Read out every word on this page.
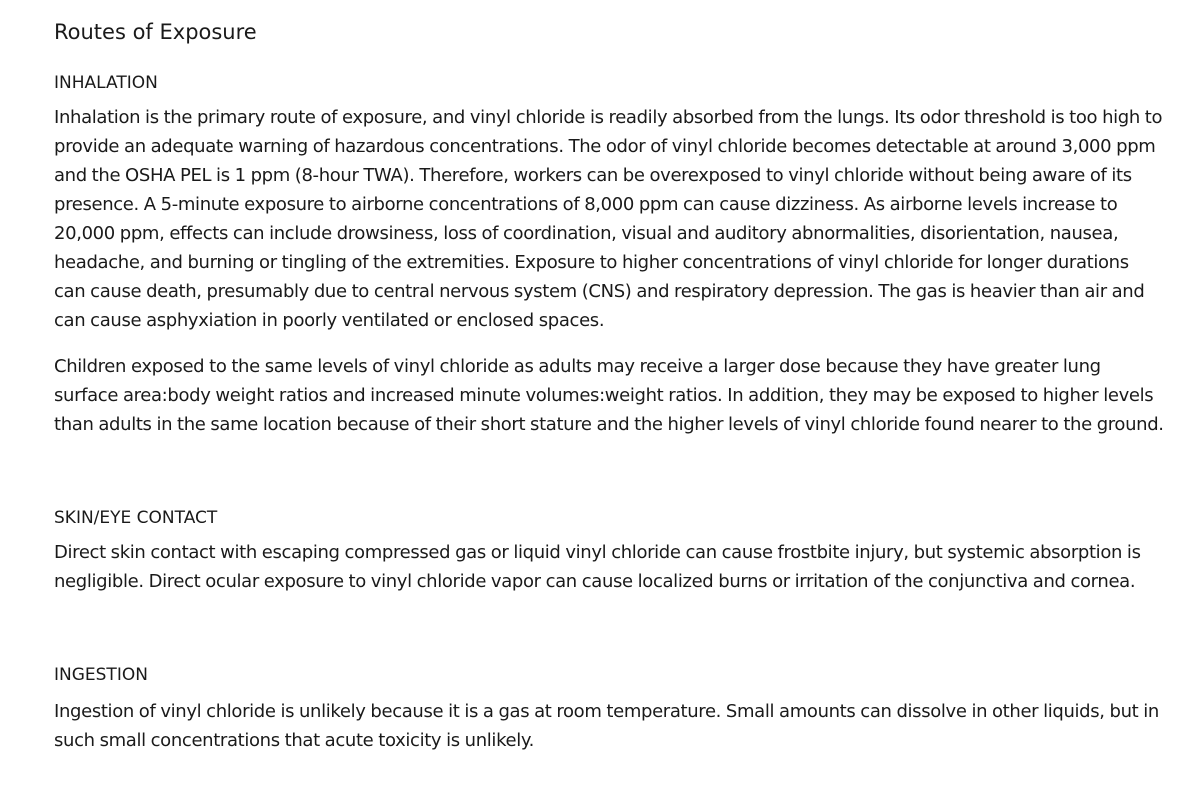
Routes of Exposure
INHALATION

Inhalation is the primary route of exposure, and vinyl chloride is readily absorbed from the lungs. Its odor threshold is too high to provide an adequate warning of hazardous concentrations. The odor of vinyl chloride becomes detectable at around 3,000 ppm and the OSHA PEL is 1 ppm (8-hour TWA). Therefore, workers can be overexposed to vinyl chloride without being aware of its presence. A 5-minute exposure to airborne concentrations of 8,000 ppm can cause dizziness. As airborne levels increase to 20,000 ppm, effects can include drowsiness, loss of coordination, visual and auditory abnormalities, disorientation, nausea, headache, and burning or tingling of the extremities. Exposure to higher concentrations of vinyl chloride for longer durations can cause death, presumably due to central nervous system (CNS) and respiratory depression. The gas is heavier than air and can cause asphyxiation in poorly ventilated or enclosed spaces.

Children exposed to the same levels of vinyl chloride as adults may receive a larger dose because they have greater lung surface area:body weight ratios and increased minute volumes:weight ratios. In addition, they may be exposed to higher levels than adults in the same location because of their short stature and the higher levels of vinyl chloride found nearer to the ground.

SKIN/EYE CONTACT

Direct skin contact with escaping compressed gas or liquid vinyl chloride can cause frostbite injury, but systemic absorption is negligible. Direct ocular exposure to vinyl chloride vapor can cause localized burns or irritation of the conjunctiva and cornea.

INGESTION

Ingestion of vinyl chloride is unlikely because it is a gas at room temperature. Small amounts can dissolve in other liquids, but in such small concentrations that acute toxicity is unlikely.
